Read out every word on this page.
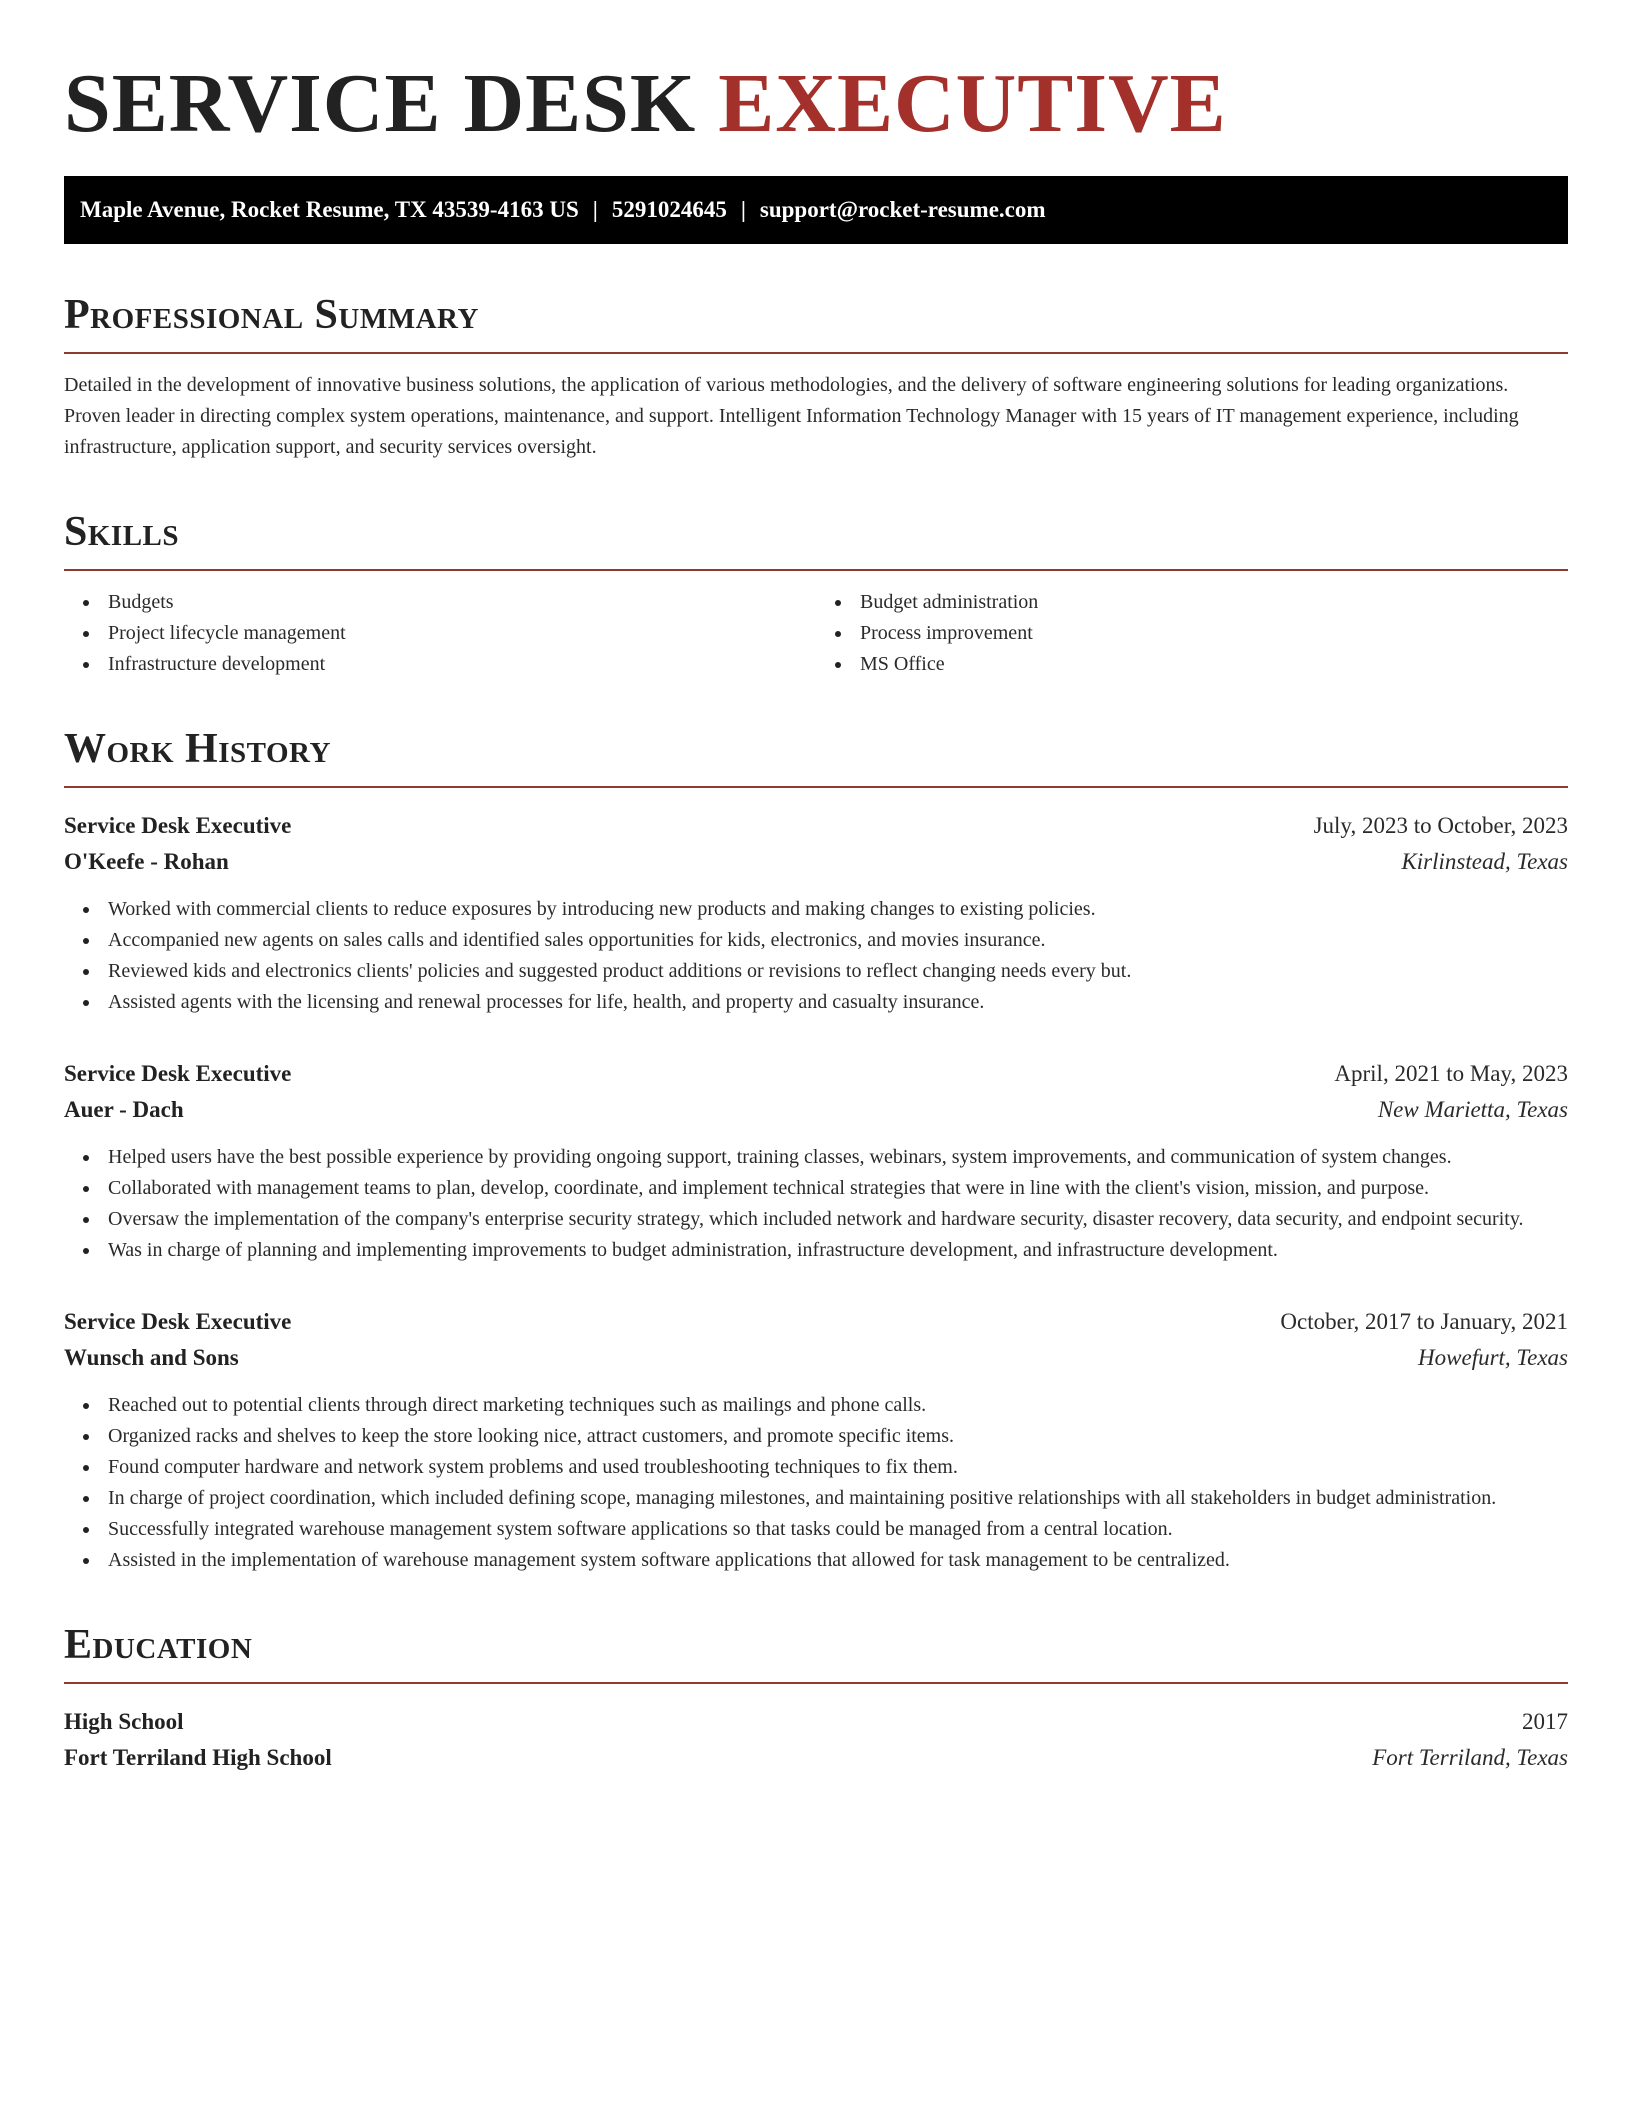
SERVICE DESK EXECUTIVE
Maple Avenue, Rocket Resume, TX 43539-4163 US | 5291024645 | support@rocket-resume.com
Professional Summary

Detailed in the development of innovative business solutions, the application of various methodologies, and the delivery of software engineering solutions for leading organizations. Proven leader in directing complex system operations, maintenance, and support. Intelligent Information Technology Manager with 15 years of IT management experience, including infrastructure, application support, and security services oversight.

Skills
Budgets
Project lifecycle management
Infrastructure development
Budget administration
Process improvement
MS Office
Work History
Service Desk Executive	July, 2023 to October, 2023
O'Keefe - Rohan	Kirlinstead, Texas
Worked with commercial clients to reduce exposures by introducing new products and making changes to existing policies.
Accompanied new agents on sales calls and identified sales opportunities for kids, electronics, and movies insurance.
Reviewed kids and electronics clients' policies and suggested product additions or revisions to reflect changing needs every but.
Assisted agents with the licensing and renewal processes for life, health, and property and casualty insurance.
Service Desk Executive	April, 2021 to May, 2023
Auer - Dach	New Marietta, Texas
Helped users have the best possible experience by providing ongoing support, training classes, webinars, system improvements, and communication of system changes.
Collaborated with management teams to plan, develop, coordinate, and implement technical strategies that were in line with the client's vision, mission, and purpose.
Oversaw the implementation of the company's enterprise security strategy, which included network and hardware security, disaster recovery, data security, and endpoint security.
Was in charge of planning and implementing improvements to budget administration, infrastructure development, and infrastructure development.
Service Desk Executive	October, 2017 to January, 2021
Wunsch and Sons	Howefurt, Texas
Reached out to potential clients through direct marketing techniques such as mailings and phone calls.
Organized racks and shelves to keep the store looking nice, attract customers, and promote specific items.
Found computer hardware and network system problems and used troubleshooting techniques to fix them.
In charge of project coordination, which included defining scope, managing milestones, and maintaining positive relationships with all stakeholders in budget administration.
Successfully integrated warehouse management system software applications so that tasks could be managed from a central location.
Assisted in the implementation of warehouse management system software applications that allowed for task management to be centralized.
Education
High School	2017
Fort Terriland High School	Fort Terriland, Texas
